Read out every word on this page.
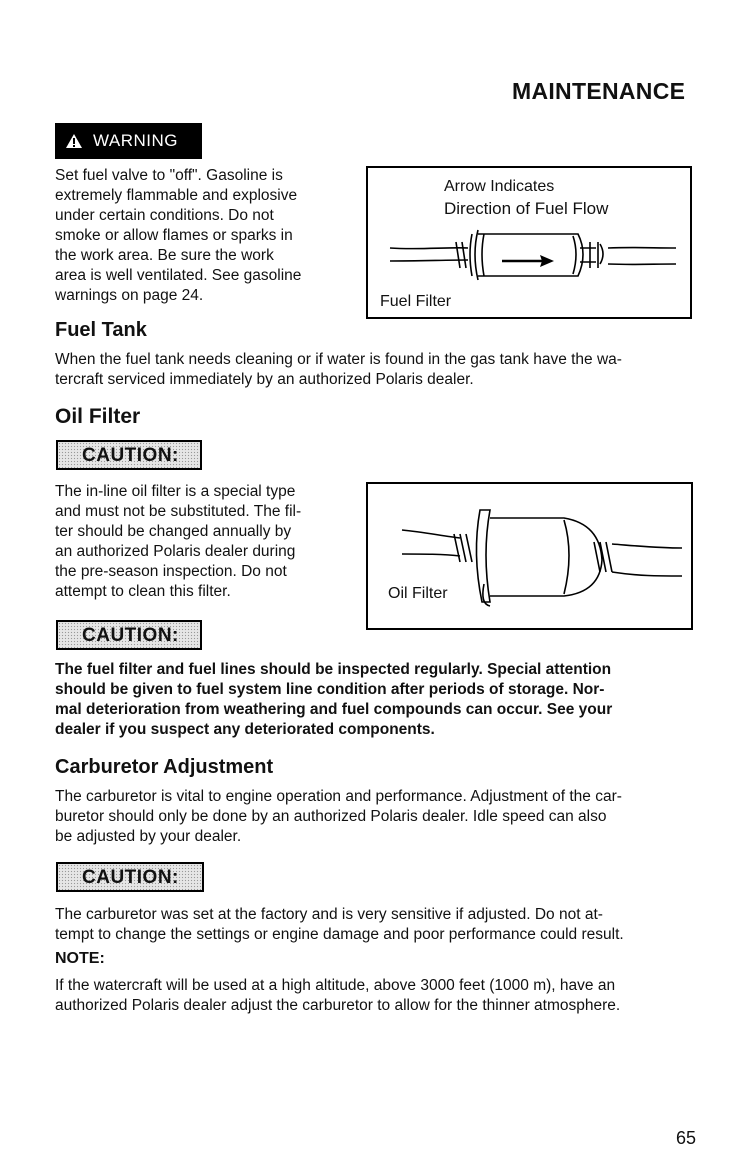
MAINTENANCE
WARNING
Set fuel valve to "off". Gasoline is
extremely flammable and explosive
under certain conditions. Do not
smoke or allow flames or sparks in
the work area. Be sure the work
area is well ventilated. See gasoline
warnings on page 24.
Arrow Indicates
Direction of Fuel Flow
Fuel Filter
Fuel Tank
When the fuel tank needs cleaning or if water is found in the gas tank have the wa-
tercraft serviced immediately by an authorized Polaris dealer.
Oil Filter
CAUTION:
The in-line oil filter is a special type
and must not be substituted. The fil-
ter should be changed annually by
an authorized Polaris dealer during
the pre-season inspection. Do not
attempt to clean this filter.	Oil Filter
CAUTION:
The fuel filter and fuel lines should be inspected regularly. Special attention
should be given to fuel system line condition after periods of storage. Nor-
mal deterioration from weathering and fuel compounds can occur. See your
dealer if you suspect any deteriorated components.
Carburetor Adjustment
The carburetor is vital to engine operation and performance. Adjustment of the car-
buretor should only be done by an authorized Polaris dealer. Idle speed can also
be adjusted by your dealer.
CAUTION:
The carburetor was set at the factory and is very sensitive if adjusted. Do not at-
tempt to change the settings or engine damage and poor performance could result.
NOTE:
If the watercraft will be used at a high altitude, above 3000 feet (1000 m), have an
authorized Polaris dealer adjust the carburetor to allow for the thinner atmosphere.
65
